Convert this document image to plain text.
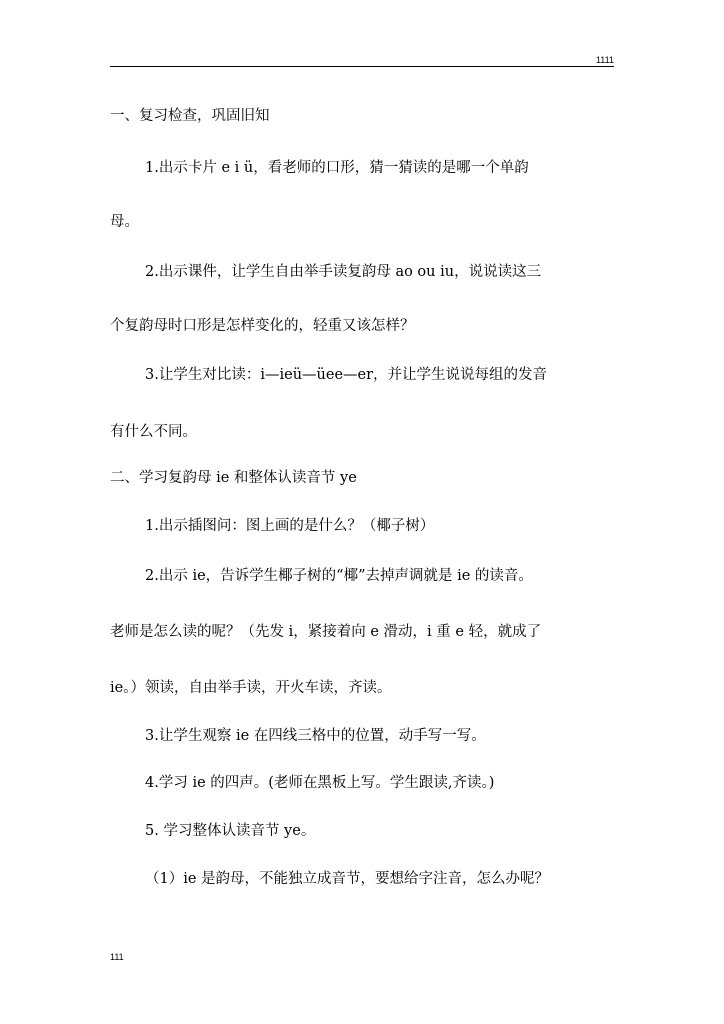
1111
一、复习检查，巩固旧知
1.出示卡片 e i ü，看老师的口形，猜一猜读的是哪一个单韵
母。
2.出示课件，让学生自由举手读复韵母 ao ou iu，说说读这三
个复韵母时口形是怎样变化的，轻重又该怎样？
3.让学生对比读：i—ieü—üee—er，并让学生说说每组的发音
有什么不同。
二、学习复韵母 ie 和整体认读音节 ye
1.出示插图问：图上画的是什么？（椰子树）
2.出示 ie，告诉学生椰子树的“椰”去掉声调就是 ie 的读音。
老师是怎么读的呢？（先发 i，紧接着向 e 滑动，i 重 e 轻，就成了
ie。）领读，自由举手读，开火车读，齐读。
3.让学生观察 ie 在四线三格中的位置，动手写一写。
4.学习 ie 的四声。(老师在黑板上写。学生跟读,齐读。)
5. 学习整体认读音节 ye。
（1）ie 是韵母，不能独立成音节，要想给字注音，怎么办呢？
111
